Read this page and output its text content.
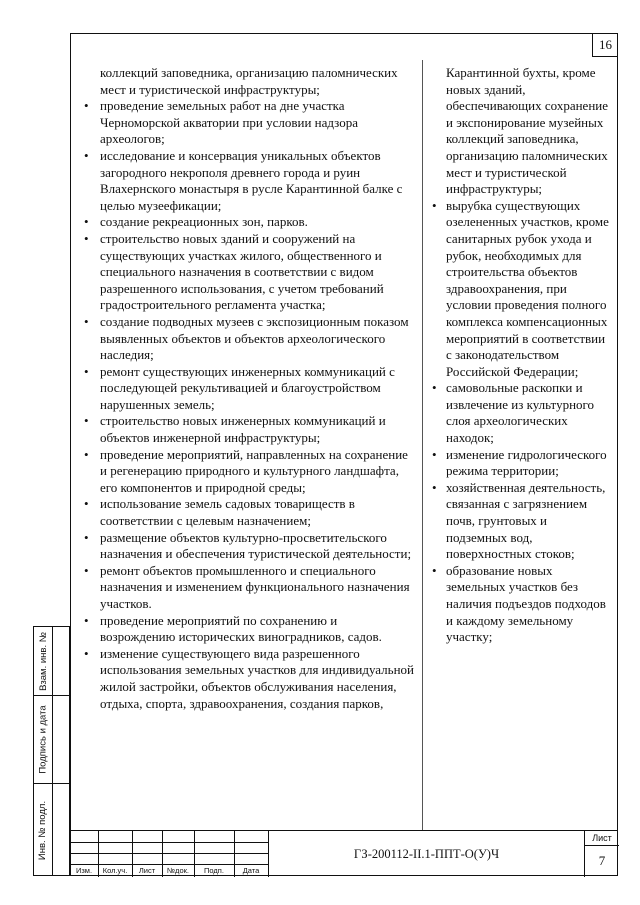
16

коллекций заповедника, организацию паломнических мест и туристической инфраструктуры;

• проведение земельных работ на дне участка Черноморской акватории при условии надзора археологов;
• исследование и консервация уникальных объектов загородного некрополя древнего города и руин Влахернского монастыря в русле Карантинной балке с целью музеефикации;
• создание рекреационных зон, парков.
• строительство новых зданий и сооружений на существующих участках жилого, общественного и специального назначения в соответствии с видом разрешенного использования, с учетом требований градостроительного регламента участка;
• создание подводных музеев с экспозиционным показом выявленных объектов и объектов археологического наследия;
• ремонт существующих инженерных коммуникаций с последующей рекультивацией и благоустройством нарушенных земель;
• строительство новых инженерных коммуникаций и объектов инженерной инфраструктуры;
• проведение мероприятий, направленных на сохранение и регенерацию природного и культурного ландшафта, его компонентов и природной среды;
• использование земель садовых товариществ в соответствии с целевым назначением;
• размещение объектов культурно-просветительского назначения и обеспечения туристической деятельности;
• ремонт объектов промышленного и специального назначения и изменением функционального назначения участков.
• проведение мероприятий по сохранению и возрождению исторических виноградников, садов.
• изменение существующего вида разрешенного использования земельных участков для индивидуальной жилой застройки, объектов обслуживания населения, отдыха, спорта, здравоохранения, создания парков,

Карантинной бухты, кроме новых зданий, обеспечивающих сохранение и экспонирование музейных коллекций заповедника, организацию паломнических мест и туристической инфраструктуры;

• вырубка существующих озелененных участков, кроме санитарных рубок ухода и рубок, необходимых для строительства объектов здравоохранения, при условии проведения полного комплекса компенсационных мероприятий в соответствии с законодательством Российской Федерации;
• самовольные раскопки и извлечение из культурного слоя археологических находок;
• изменение гидрологического режима территории;
• хозяйственная деятельность, связанная с загрязнением почв, грунтовых и подземных вод, поверхностных стоков;
• образование новых земельных участков без наличия подъездов подходов и каждому земельному участку;
Инв. № подл.
Подпись и дата
Взам. инв. №
Изм.	Кол.уч.	Лист	№док.	Подп.	Дата
ГЗ-200112-II.1-ППТ-О(У)Ч
Лист
7
